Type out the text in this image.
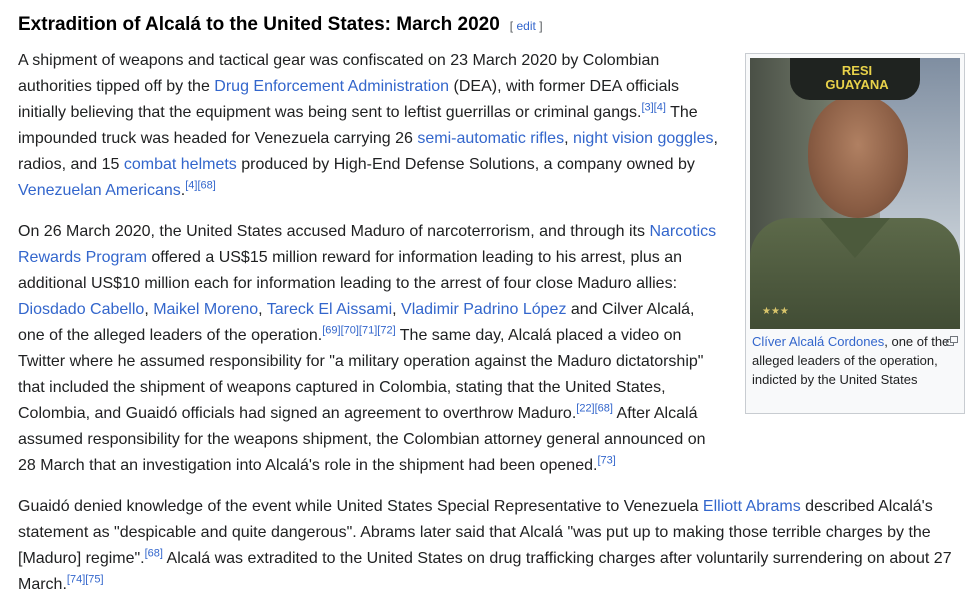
Extradition of Alcalá to the United States: March 2020 [ edit ]

A shipment of weapons and tactical gear was confiscated on 23 March 2020 by Colombian authorities tipped off by the Drug Enforcement Administration (DEA), with former DEA officials initially believing that the equipment was being sent to leftist guerrillas or criminal gangs.[3][4] The impounded truck was headed for Venezuela carrying 26 semi-automatic rifles, night vision goggles, radios, and 15 combat helmets produced by High-End Defense Solutions, a company owned by Venezuelan Americans.[4][68]

On 26 March 2020, the United States accused Maduro of narcoterrorism, and through its Narcotics Rewards Program offered a US$15 million reward for information leading to his arrest, plus an additional US$10 million each for information leading to the arrest of four close Maduro allies: Diosdado Cabello, Maikel Moreno, Tareck El Aissami, Vladimir Padrino López and Cilver Alcalá, one of the alleged leaders of the operation.[69][70][71][72] The same day, Alcalá placed a video on Twitter where he assumed responsibility for "a military operation against the Maduro dictatorship" that included the shipment of weapons captured in Colombia, stating that the United States, Colombia, and Guaidó officials had signed an agreement to overthrow Maduro.[22][68] After Alcalá assumed responsibility for the weapons shipment, the Colombian attorney general announced on 28 March that an investigation into Alcalá's role in the shipment had been opened.[73]

Guaidó denied knowledge of the event while United States Special Representative to Venezuela Elliott Abrams described Alcalá's statement as "despicable and quite dangerous". Abrams later said that Alcalá "was put up to making those terrible charges by the [Maduro] regime".[68] Alcalá was extradited to the United States on drug trafficking charges after voluntarily surrendering on about 27 March.[74][75]

RESI GUAYANA
★★★
Clíver Alcalá Cordones, one of the alleged leaders of the operation, indicted by the United States
